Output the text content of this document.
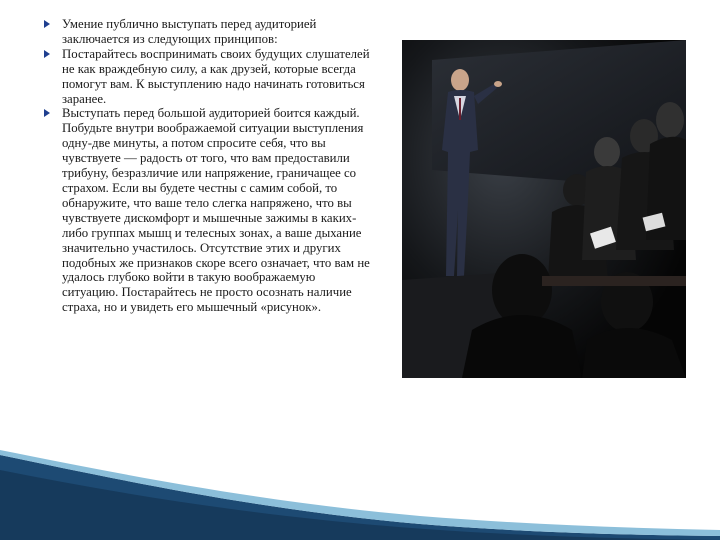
Умение публично выступать перед аудиторией заключается из следующих принципов:
Постарайтесь воспринимать своих будущих слушателей не как враждебную силу, а как друзей, которые всегда помогут вам. К выступлению надо начинать готовиться заранее.
Выступать перед большой аудиторией боится каждый. Побудьте внутри воображаемой ситуации выступления одну-две минуты, а потом спросите себя, что вы чувствуете — радость от того, что вам предоставили трибуну, безразличие или напряжение, граничащее со страхом. Если вы будете честны с самим собой, то обнаружите, что ваше тело слегка напряжено, что вы чувствуете дискомфорт и мышечные зажимы в каких-либо группах мышц и телесных зонах, а ваше дыхание значительно участилось. Отсутствие этих и других подобных же признаков скоре всего означает, что вам не удалось глубоко войти в такую воображаемую ситуацию. Постарайтесь не просто осознать наличие страха, но и увидеть его мышечный «рисунок».
